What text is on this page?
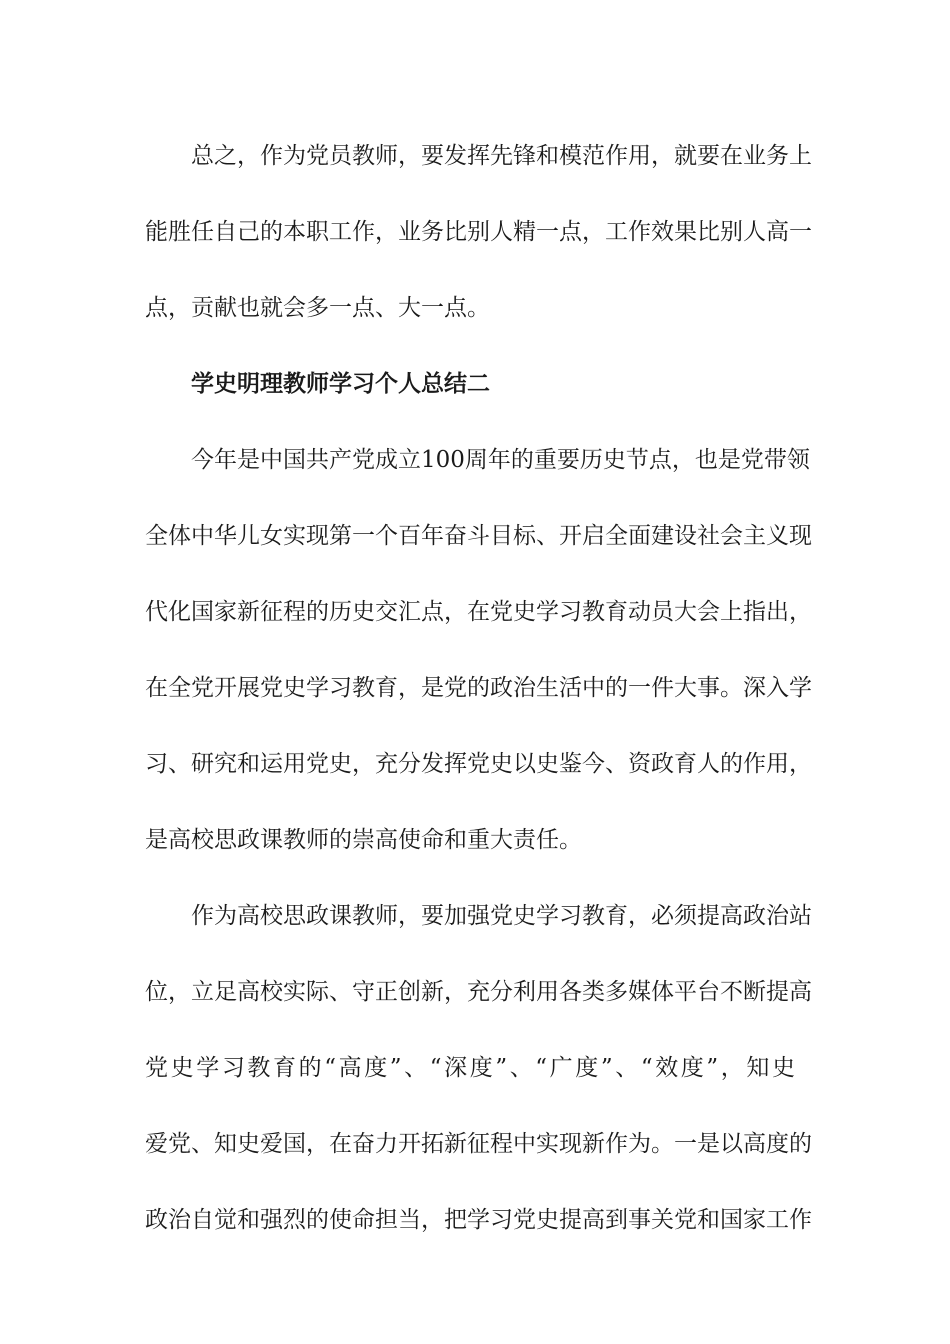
总之，作为党员教师，要发挥先锋和模范作用，就要在业务上
能胜任自己的本职工作，业务比别人精一点，工作效果比别人高一
点，贡献也就会多一点、大一点。
学史明理教师学习个人总结二
今年是中国共产党成立100周年的重要历史节点，也是党带领
全体中华儿女实现第一个百年奋斗目标、开启全面建设社会主义现
代化国家新征程的历史交汇点，在党史学习教育动员大会上指出，
在全党开展党史学习教育，是党的政治生活中的一件大事。深入学
习、研究和运用党史，充分发挥党史以史鉴今、资政育人的作用，
是高校思政课教师的崇高使命和重大责任。
作为高校思政课教师，要加强党史学习教育，必须提高政治站
位，立足高校实际、守正创新，充分利用各类多媒体平台不断提高
党史学习教育的“高度”、“深度”、“广度”、“效度”，知史
爱党、知史爱国，在奋力开拓新征程中实现新作为。一是以高度的
政治自觉和强烈的使命担当，把学习党史提高到事关党和国家工作
